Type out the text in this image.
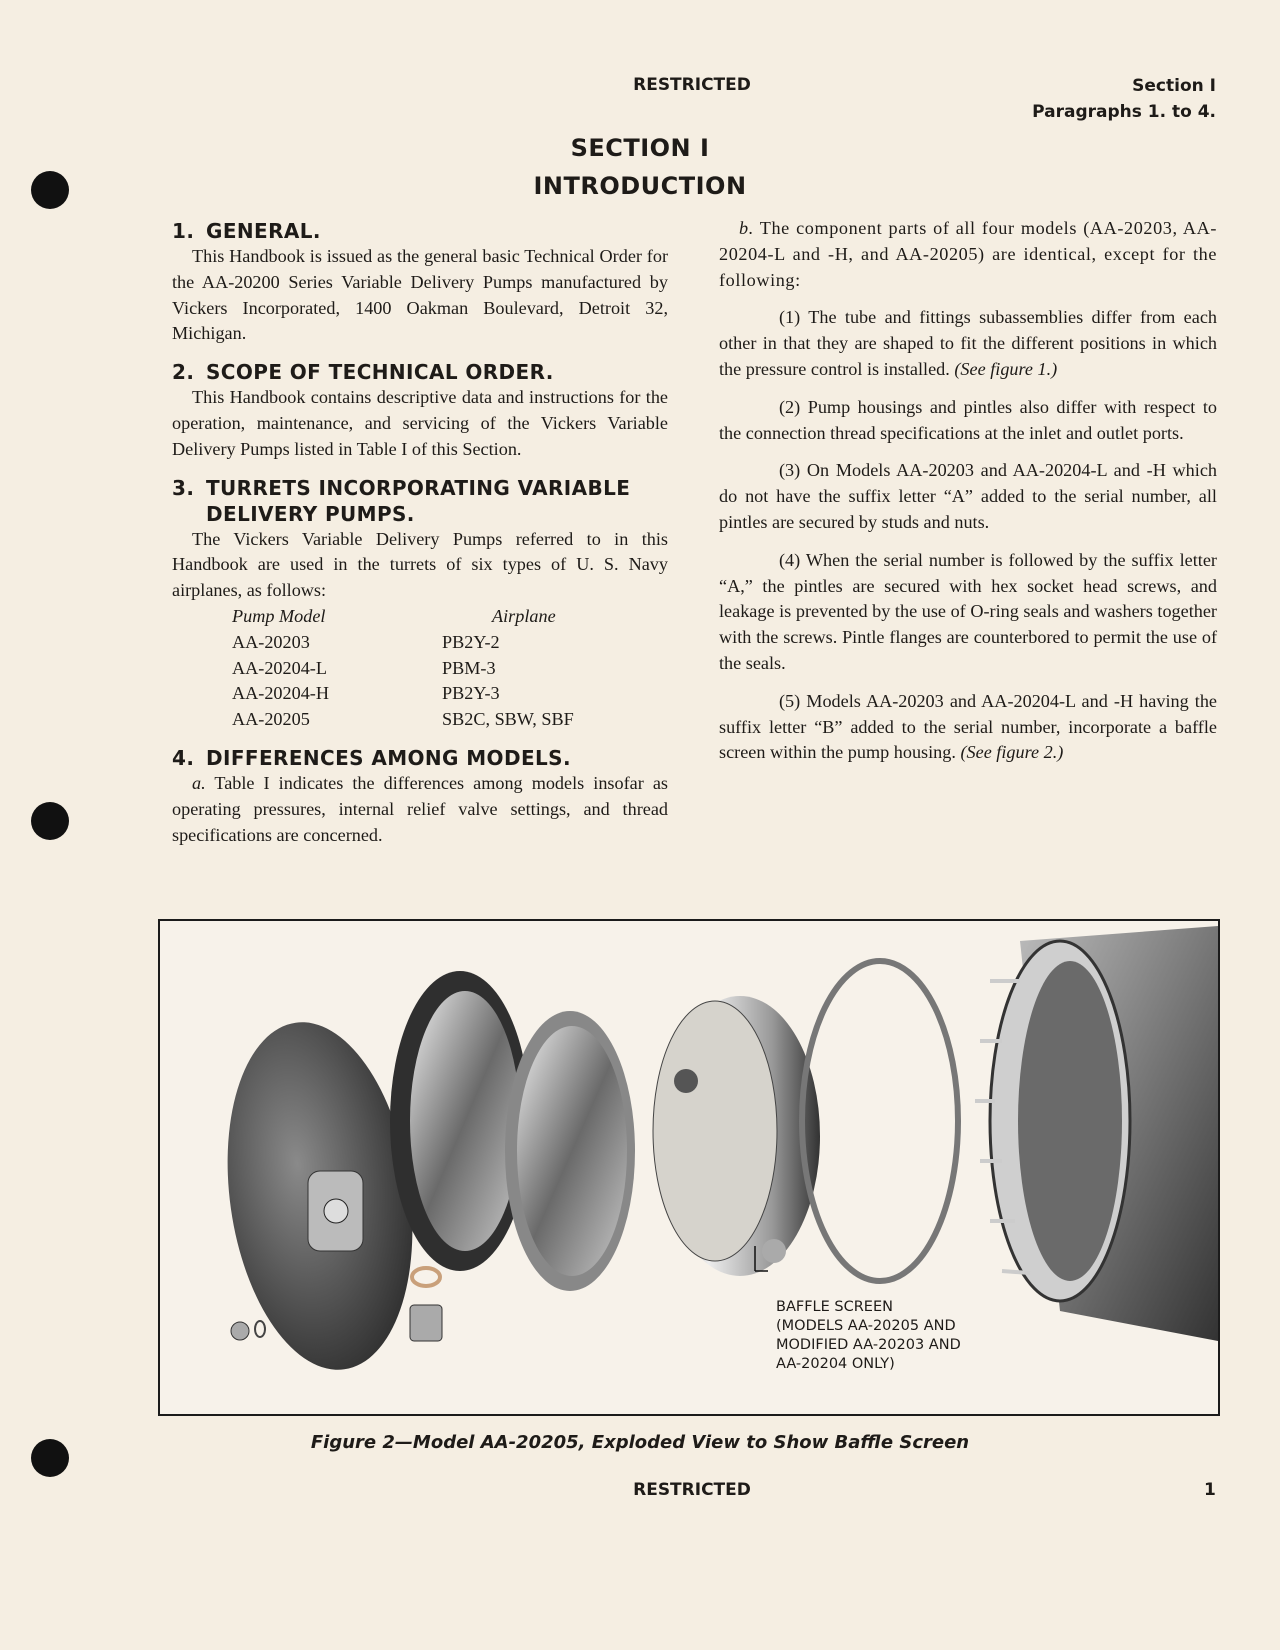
RESTRICTED	Section I
Paragraphs 1. to 4.
SECTION I
INTRODUCTION
1. GENERAL.

This Handbook is issued as the general basic Technical Order for the AA-20200 Series Variable Delivery Pumps manufactured by Vickers Incorporated, 1400 Oakman Boulevard, Detroit 32, Michigan.

2. SCOPE OF TECHNICAL ORDER.

This Handbook contains descriptive data and instructions for the operation, maintenance, and servicing of the Vickers Variable Delivery Pumps listed in Table I of this Section.

3. TURRETS INCORPORATING VARIABLE
DELIVERY PUMPS.

The Vickers Variable Delivery Pumps referred to in this Handbook are used in the turrets of six types of U. S. Navy airplanes, as follows:

Pump Model	Airplane
AA-20203	PB2Y-2
AA-20204-L	PBM-3
AA-20204-H	PB2Y-3
AA-20205	SB2C, SBW, SBF
4. DIFFERENCES AMONG MODELS.

a. Table I indicates the differences among models insofar as operating pressures, internal relief valve settings, and thread specifications are concerned.

b. The component parts of all four models (AA-20203, AA-20204-L and -H, and AA-20205) are identical, except for the following:

(1) The tube and fittings subassemblies differ from each other in that they are shaped to fit the different positions in which the pressure control is installed. (See figure 1.)

(2) Pump housings and pintles also differ with respect to the connection thread specifications at the inlet and outlet ports.

(3) On Models AA-20203 and AA-20204-L and -H which do not have the suffix letter “A” added to the serial number, all pintles are secured by studs and nuts.

(4) When the serial number is followed by the suffix letter “A,” the pintles are secured with hex socket head screws, and leakage is prevented by the use of O-ring seals and washers together with the screws. Pintle flanges are counterbored to permit the use of the seals.

(5) Models AA-20203 and AA-20204-L and -H having the suffix letter “B” added to the serial number, incorporate a baffle screen within the pump housing. (See figure 2.)

BAFFLE SCREEN
(MODELS AA-20205 AND
MODIFIED AA-20203 AND
AA-20204 ONLY)
Figure 2—Model AA-20205, Exploded View to Show Baffle Screen
RESTRICTED	1
